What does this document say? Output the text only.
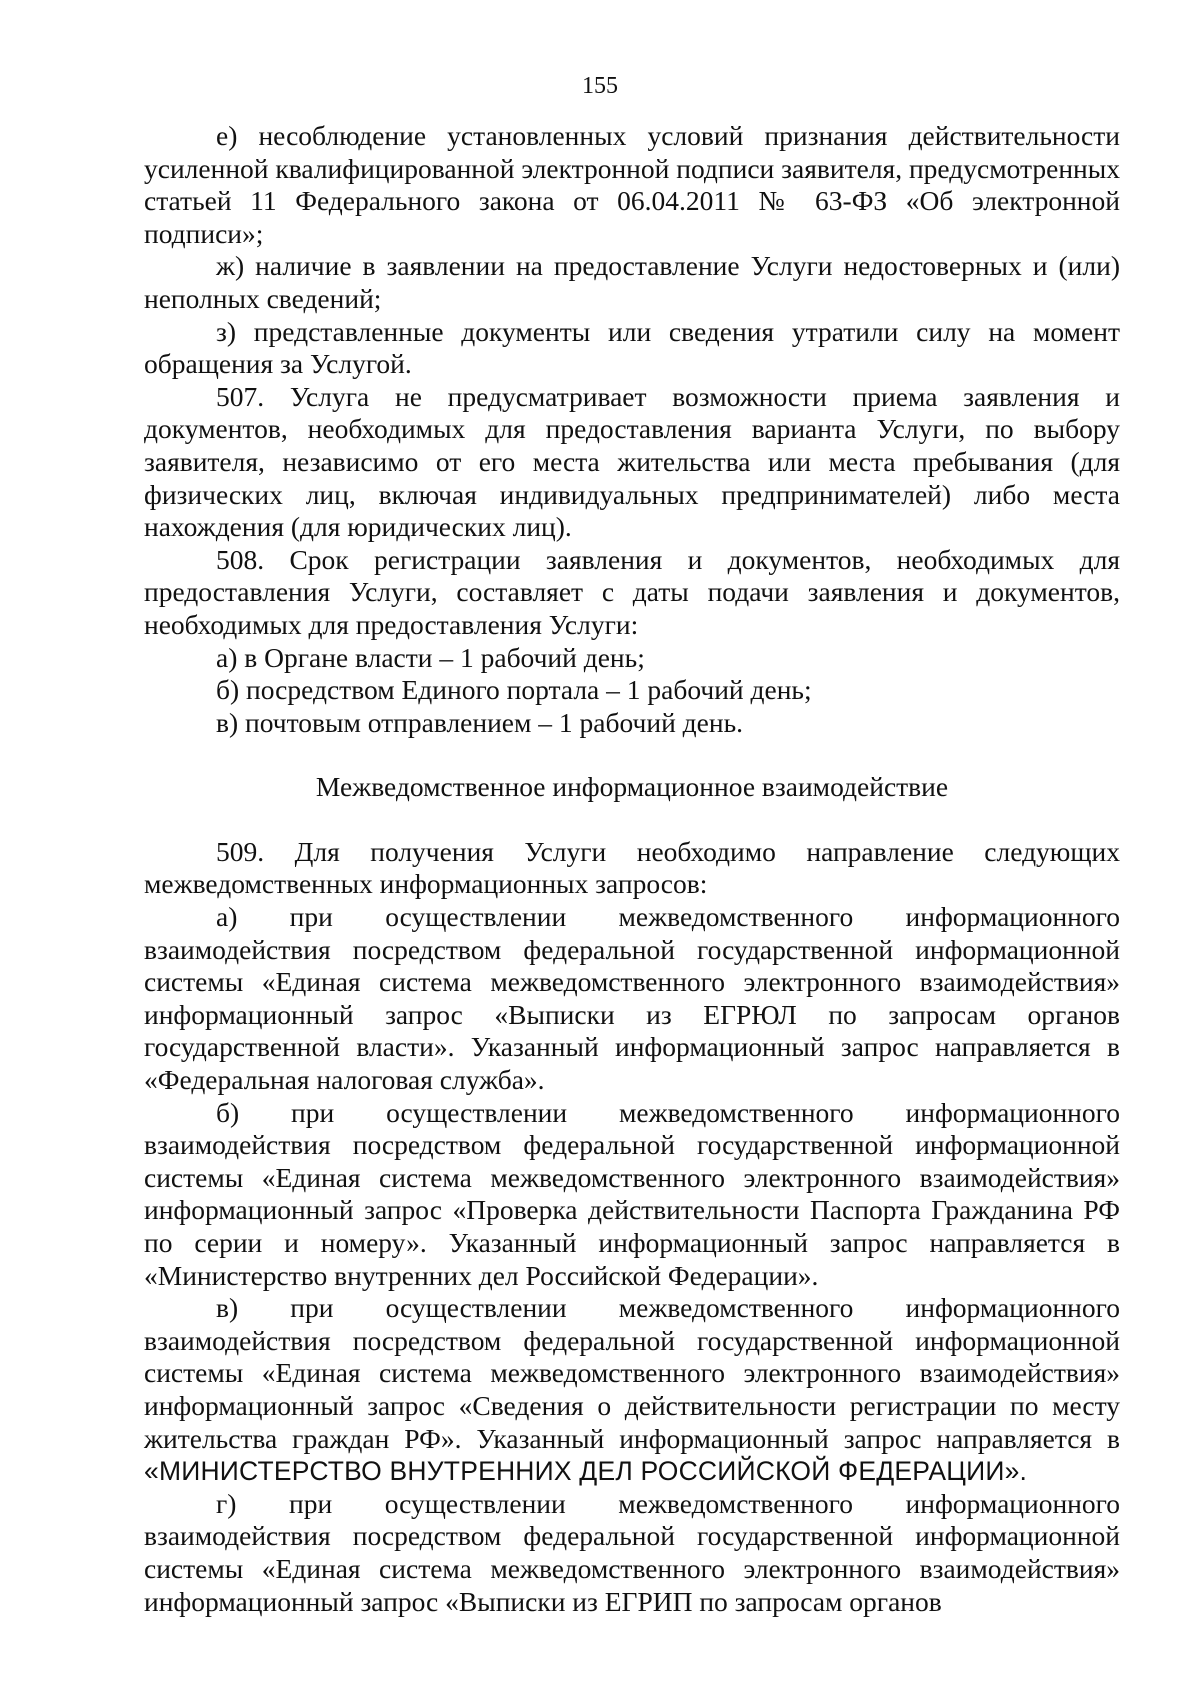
155

е) несоблюдение установленных условий признания действительности усиленной квалифицированной электронной подписи заявителя, предусмотренных статьей 11 Федерального закона от 06.04.2011 № 63-ФЗ «Об электронной подписи»;

ж) наличие в заявлении на предоставление Услуги недостоверных и (или) неполных сведений;

з) представленные документы или сведения утратили силу на момент обращения за Услугой.

507. Услуга не предусматривает возможности приема заявления и документов, необходимых для предоставления варианта Услуги, по выбору заявителя, независимо от его места жительства или места пребывания (для физических лиц, включая индивидуальных предпринимателей) либо места нахождения (для юридических лиц).

508. Срок регистрации заявления и документов, необходимых для предоставления Услуги, составляет с даты подачи заявления и документов, необходимых для предоставления Услуги:

а) в Органе власти – 1 рабочий день;

б) посредством Единого портала – 1 рабочий день;

в) почтовым отправлением – 1 рабочий день.

Межведомственное информационное взаимодействие

509. Для получения Услуги необходимо направление следующих межведомственных информационных запросов:

а) при осуществлении межведомственного информационного взаимодействия посредством федеральной государственной информационной системы «Единая система межведомственного электронного взаимодействия» информационный запрос «Выписки из ЕГРЮЛ по запросам органов государственной власти». Указанный информационный запрос направляется в «Федеральная налоговая служба».

б) при осуществлении межведомственного информационного взаимодействия посредством федеральной государственной информационной системы «Единая система межведомственного электронного взаимодействия» информационный запрос «Проверка действительности Паспорта Гражданина РФ по серии и номеру». Указанный информационный запрос направляется в «Министерство внутренних дел Российской Федерации».

в) при осуществлении межведомственного информационного взаимодействия посредством федеральной государственной информационной системы «Единая система межведомственного электронного взаимодействия» информационный запрос «Сведения о действительности регистрации по месту жительства граждан РФ». Указанный информационный запрос направляется в «МИНИСТЕРСТВО ВНУТРЕННИХ ДЕЛ РОССИЙСКОЙ ФЕДЕРАЦИИ».

г) при осуществлении межведомственного информационного взаимодействия посредством федеральной государственной информационной системы «Единая система межведомственного электронного взаимодействия» информационный запрос «Выписки из ЕГРИП по запросам органов
